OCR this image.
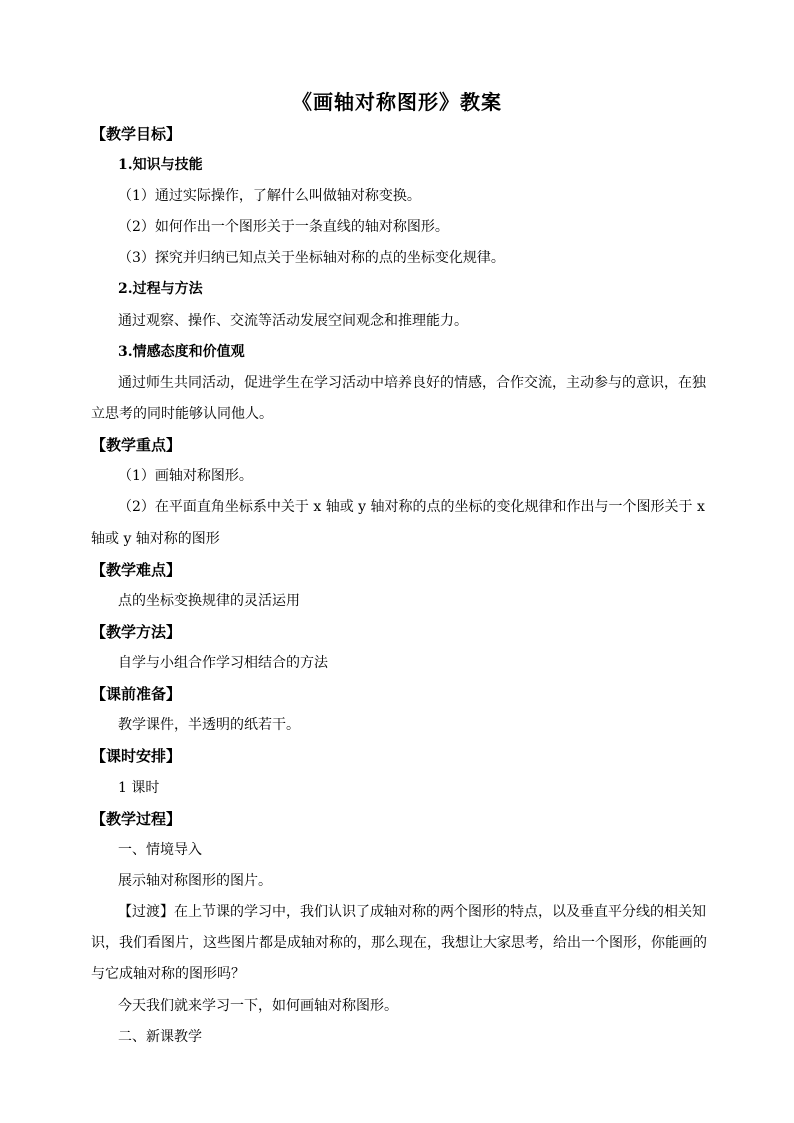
《画轴对称图形》教案
【教学目标】
1.知识与技能
（1）通过实际操作，了解什么叫做轴对称变换。
（2）如何作出一个图形关于一条直线的轴对称图形。
（3）探究并归纳已知点关于坐标轴对称的点的坐标变化规律。
2.过程与方法
通过观察、操作、交流等活动发展空间观念和推理能力。
3.情感态度和价值观
通过师生共同活动，促进学生在学习活动中培养良好的情感，合作交流，主动参与的意识，在独
立思考的同时能够认同他人。
【教学重点】
（1）画轴对称图形。
（2）在平面直角坐标系中关于 x 轴或 y 轴对称的点的坐标的变化规律和作出与一个图形关于 x
轴或 y 轴对称的图形
【教学难点】
点的坐标变换规律的灵活运用
【教学方法】
自学与小组合作学习相结合的方法
【课前准备】
教学课件，半透明的纸若干。
【课时安排】
1 课时
【教学过程】
一、情境导入
展示轴对称图形的图片。
【过渡】在上节课的学习中，我们认识了成轴对称的两个图形的特点，以及垂直平分线的相关知
识，我们看图片，这些图片都是成轴对称的，那么现在，我想让大家思考，给出一个图形，你能画的
与它成轴对称的图形吗？
今天我们就来学习一下，如何画轴对称图形。
二、新课教学
